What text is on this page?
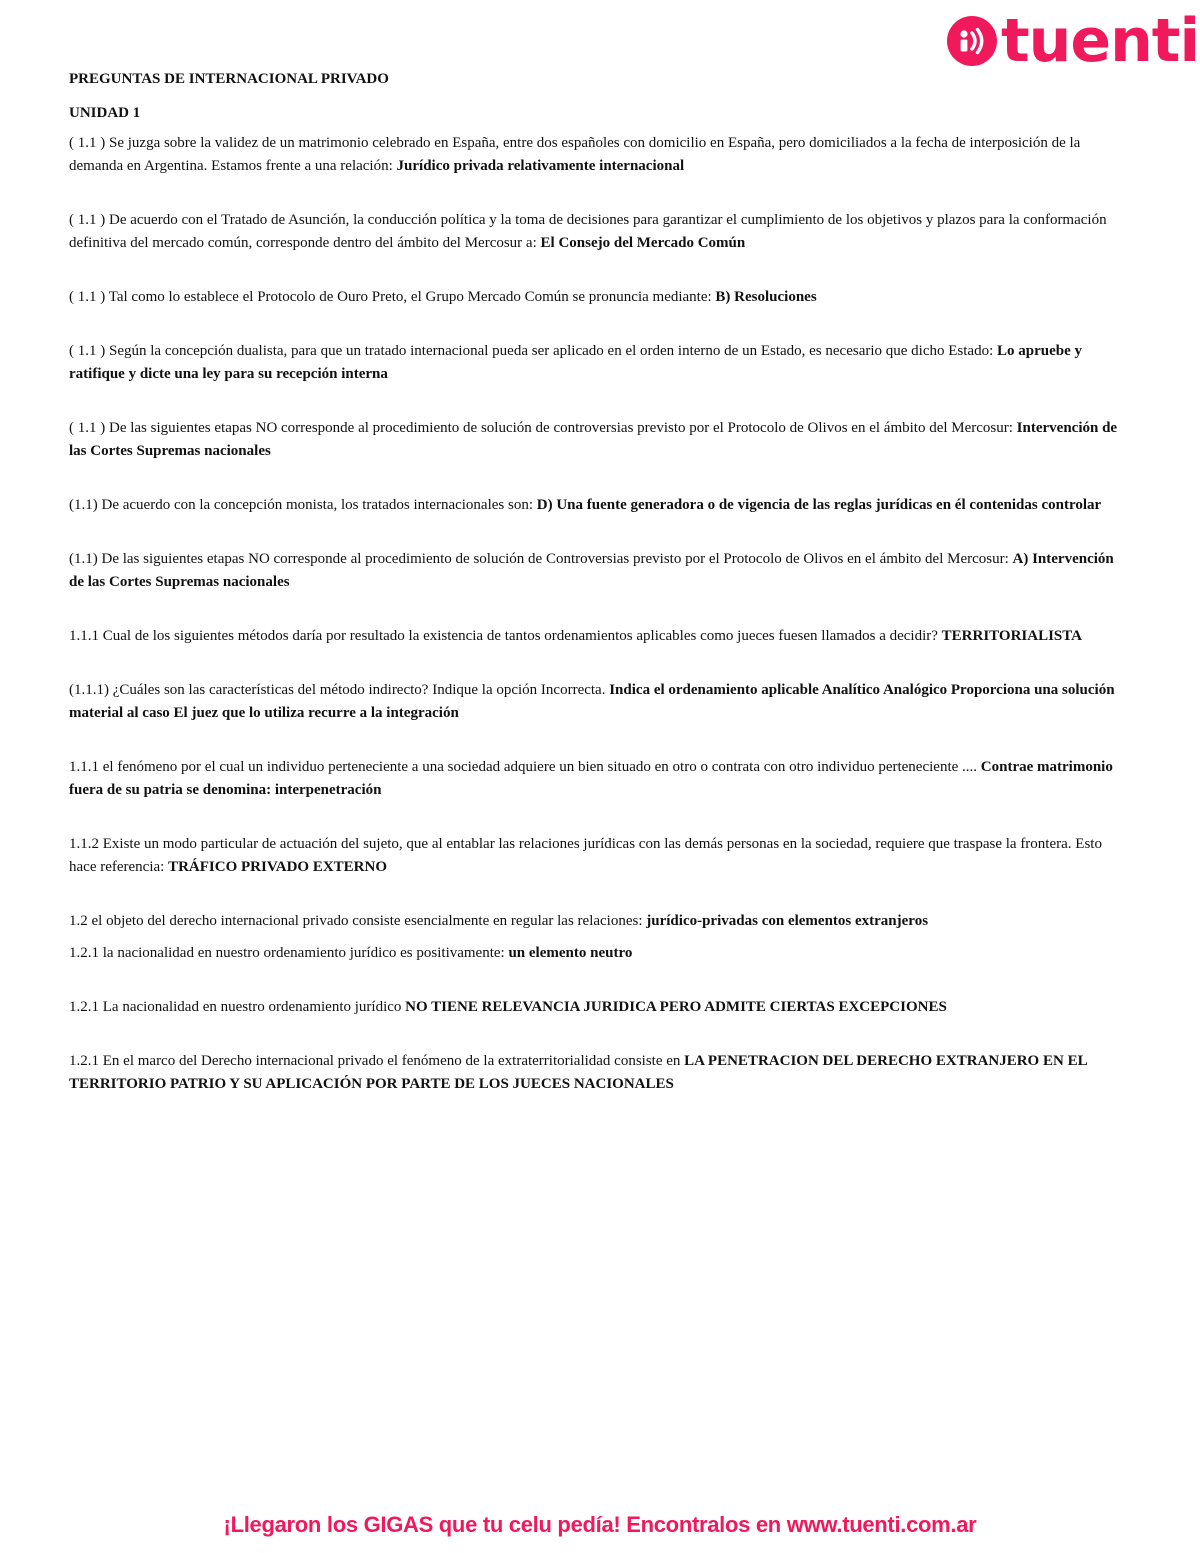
tuenti

PREGUNTAS DE INTERNACIONAL PRIVADO

UNIDAD 1

( 1.1 ) Se juzga sobre la validez de un matrimonio celebrado en España, entre dos españoles con domicilio en España, pero domiciliados a la fecha de interposición de la demanda en Argentina. Estamos frente a una relación: Jurídico privada relativamente internacional

( 1.1 ) De acuerdo con el Tratado de Asunción, la conducción política y la toma de decisiones para garantizar el cumplimiento de los objetivos y plazos para la conformación definitiva del mercado común, corresponde dentro del ámbito del Mercosur a: El Consejo del Mercado Común

( 1.1 ) Tal como lo establece el Protocolo de Ouro Preto, el Grupo Mercado Común se pronuncia mediante: B) Resoluciones

( 1.1 ) Según la concepción dualista, para que un tratado internacional pueda ser aplicado en el orden interno de un Estado, es necesario que dicho Estado: Lo apruebe y ratifique y dicte una ley para su recepción interna

( 1.1 ) De las siguientes etapas NO corresponde al procedimiento de solución de controversias previsto por el Protocolo de Olivos en el ámbito del Mercosur: Intervención de las Cortes Supremas nacionales

(1.1) De acuerdo con la concepción monista, los tratados internacionales son: D) Una fuente generadora o de vigencia de las reglas jurídicas en él contenidas controlar

(1.1) De las siguientes etapas NO corresponde al procedimiento de solución de Controversias previsto por el Protocolo de Olivos en el ámbito del Mercosur: A) Intervención de las Cortes Supremas nacionales

1.1.1 Cual de los siguientes métodos daría por resultado la existencia de tantos ordenamientos aplicables como jueces fuesen llamados a decidir? TERRITORIALISTA

(1.1.1) ¿Cuáles son las características del método indirecto? Indique la opción Incorrecta. Indica el ordenamiento aplicable Analítico Analógico Proporciona una solución material al caso El juez que lo utiliza recurre a la integración

1.1.1 el fenómeno por el cual un individuo perteneciente a una sociedad adquiere un bien situado en otro o contrata con otro individuo perteneciente .... Contrae matrimonio fuera de su patria se denomina: interpenetración

1.1.2 Existe un modo particular de actuación del sujeto, que al entablar las relaciones jurídicas con las demás personas en la sociedad, requiere que traspase la frontera. Esto hace referencia: TRÁFICO PRIVADO EXTERNO

1.2 el objeto del derecho internacional privado consiste esencialmente en regular las relaciones: jurídico-privadas con elementos extranjeros

1.2.1 la nacionalidad en nuestro ordenamiento jurídico es positivamente: un elemento neutro

1.2.1 La nacionalidad en nuestro ordenamiento jurídico NO TIENE RELEVANCIA JURIDICA PERO ADMITE CIERTAS EXCEPCIONES

1.2.1 En el marco del Derecho internacional privado el fenómeno de la extraterritorialidad consiste en LA PENETRACION DEL DERECHO EXTRANJERO EN EL TERRITORIO PATRIO Y SU APLICACIÓN POR PARTE DE LOS JUECES NACIONALES

¡Llegaron los GIGAS que tu celu pedía! Encontralos en www.tuenti.com.ar
